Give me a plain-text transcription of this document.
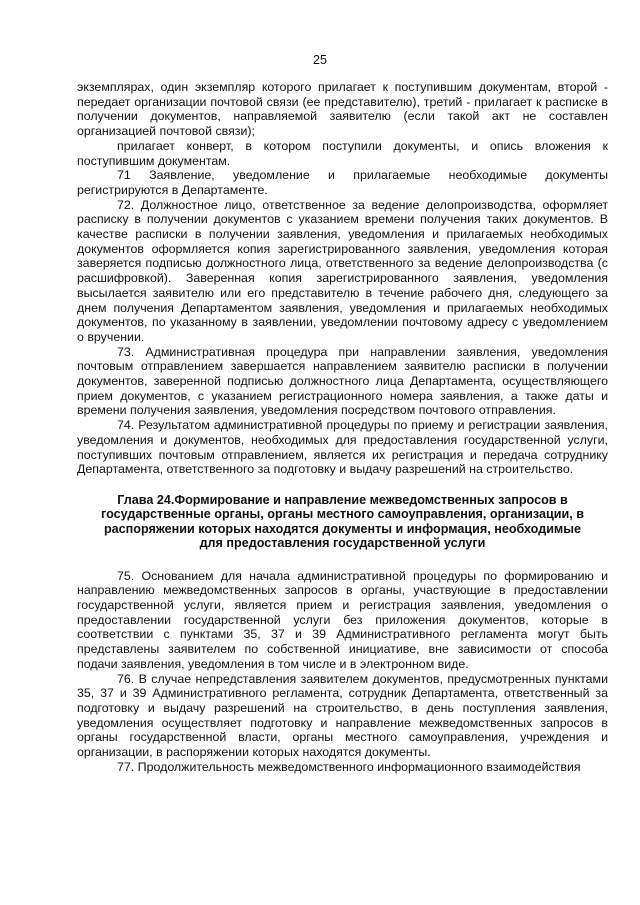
25

экземплярах, один экземпляр которого прилагает к поступившим документам, второй - передает организации почтовой связи (ее представителю), третий - прилагает к расписке в получении документов, направляемой заявителю (если такой акт не составлен организацией почтовой связи);

прилагает конверт, в котором поступили документы, и опись вложения к поступившим документам.

71 Заявление, уведомление и прилагаемые необходимые документы регистрируются в Департаменте.

72. Должностное лицо, ответственное за ведение делопроизводства, оформляет расписку в получении документов с указанием времени получения таких документов. В качестве расписки в получении заявления, уведомления и прилагаемых необходимых документов оформляется копия зарегистрированного заявления, уведомления которая заверяется подписью должностного лица, ответственного за ведение делопроизводства (с расшифровкой). Заверенная копия зарегистрированного заявления, уведомления высылается заявителю или его представителю в течение рабочего дня, следующего за днем получения Департаментом заявления, уведомления и прилагаемых необходимых документов, по указанному в заявлении, уведомлении почтовому адресу с уведомлением о вручении.

73. Административная процедура при направлении заявления, уведомления почтовым отправлением завершается направлением заявителю расписки в получении документов, заверенной подписью должностного лица Департамента, осуществляющего прием документов, с указанием регистрационного номера заявления, а также даты и времени получения заявления, уведомления посредством почтового отправления.

74. Результатом административной процедуры по приему и регистрации заявления, уведомления и документов, необходимых для предоставления государственной услуги, поступивших почтовым отправлением, является их регистрация и передача сотруднику Департамента, ответственного за подготовку и выдачу разрешений на строительство.

Глава 24.Формирование и направление межведомственных запросов в государственные органы, органы местного самоуправления, организации, в распоряжении которых находятся документы и информация, необходимые для предоставления государственной услуги

75. Основанием для начала административной процедуры по формированию и направлению межведомственных запросов в органы, участвующие в предоставлении государственной услуги, является прием и регистрация заявления, уведомления о предоставлении государственной услуги без приложения документов, которые в соответствии с пунктами 35, 37 и 39 Административного регламента могут быть представлены заявителем по собственной инициативе, вне зависимости от способа подачи заявления, уведомления в том числе и в электронном виде.

76. В случае непредставления заявителем документов, предусмотренных пунктами 35, 37 и 39 Административного регламента, сотрудник Департамента, ответственный за подготовку и выдачу разрешений на строительство, в день поступления заявления, уведомления осуществляет подготовку и направление межведомственных запросов в органы государственной власти, органы местного самоуправления, учреждения и организации, в распоряжении которых находятся документы.

77. Продолжительность межведомственного информационного взаимодействия
